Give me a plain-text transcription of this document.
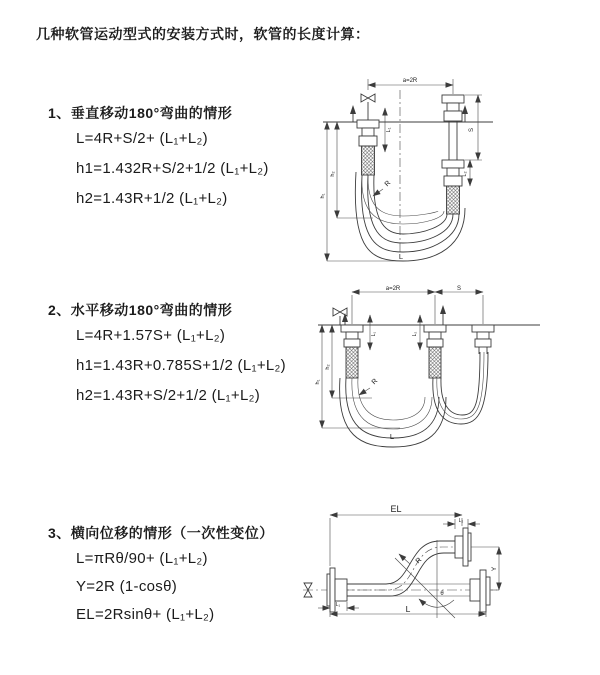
几种软管运动型式的安装方式时，软管的长度计算：
1、垂直移动180°弯曲的情形
L=4R+S/2+ (L₁+L₂)
h1=1.432R+S/2+1/2 (L₁+L₂)
h2=1.43R+1/2 (L₁+L₂)
a=2R
L₁	S
L₂
h₁
h₂
R
L
2、水平移动180°弯曲的情形
L=4R+1.57S+ (L₁+L₂)
h1=1.43R+0.785S+1/2 (L₁+L₂)
h2=1.43R+S/2+1/2 (L₁+L₂)
a=2R	S
L₁	L₂
h₁
h₂
R
L
3、横向位移的情形（一次性变位）
L=πRθ/90+ (L₁+L₂)
Y=2R (1-cosθ)
EL=2Rsinθ+ (L₁+L₂)
EL
L₂
Y
L
L₁
R
θ
